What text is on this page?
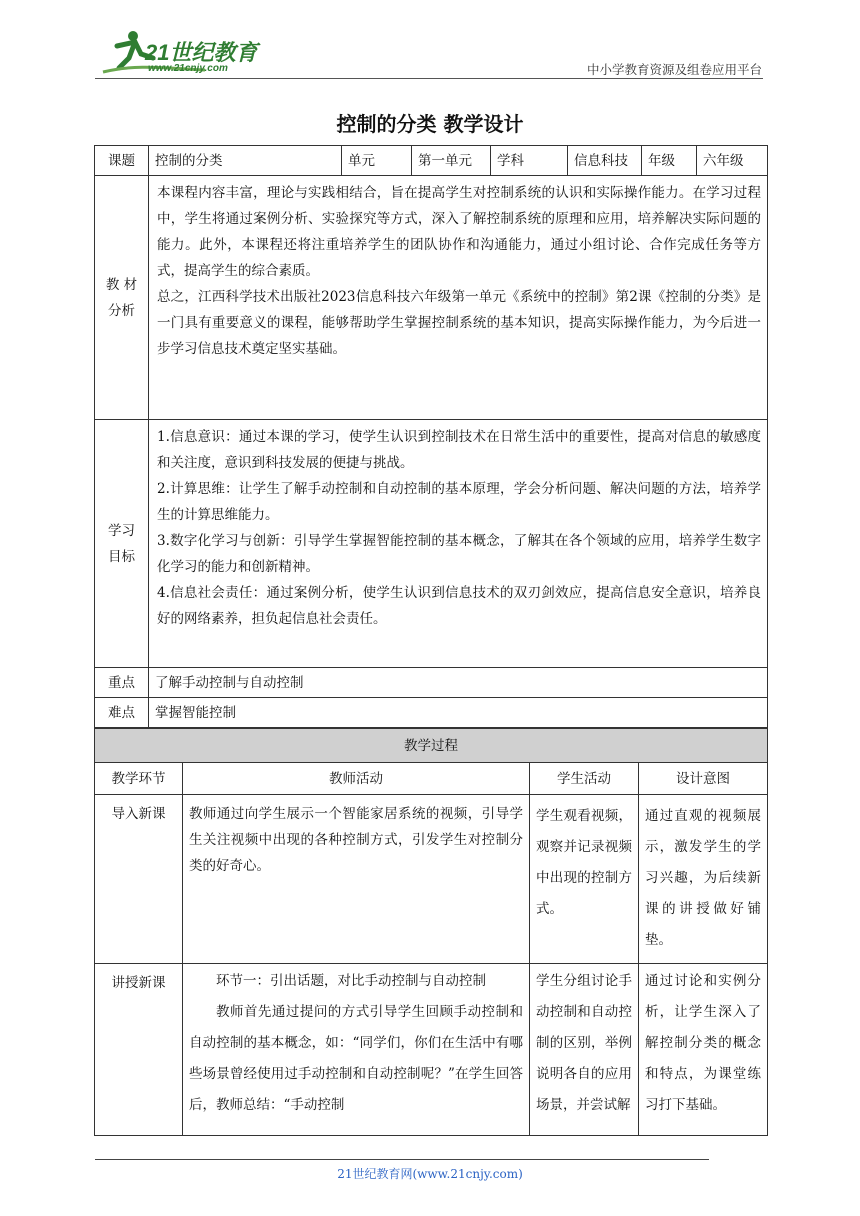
21世纪教育
www.21cnjy.com	中小学教育资源及组卷应用平台
控制的分类 教学设计
课题	控制的分类	单元	第一单元	学科	信息科技	年级	六年级
教 材 分析	本课程内容丰富，理论与实践相结合，旨在提高学生对控制系统的认识和实际操作能力。在学习过程中，学生将通过案例分析、实验探究等方式，深入了解控制系统的原理和应用，培养解决实际问题的能力。此外，本课程还将注重培养学生的团队协作和沟通能力，通过小组讨论、合作完成任务等方式，提高学生的综合素质。

总之，江西科学技术出版社2023信息科技六年级第一单元《系统中的控制》第2课《控制的分类》是一门具有重要意义的课程，能够帮助学生掌握控制系统的基本知识，提高实际操作能力，为今后进一步学习信息技术奠定坚实基础。						

学习 目标	1.信息意识：通过本课的学习，使学生认识到控制技术在日常生活中的重要性，提高对信息的敏感度和关注度，意识到科技发展的便捷与挑战。

2.计算思维：让学生了解手动控制和自动控制的基本原理，学会分析问题、解决问题的方法，培养学生的计算思维能力。

3.数字化学习与创新：引导学生掌握智能控制的基本概念，了解其在各个领域的应用，培养学生数字化学习的能力和创新精神。

4.信息社会责任：通过案例分析，使学生认识到信息技术的双刃剑效应，提高信息安全意识，培养良好的网络素养，担负起信息社会责任。						

重点	了解手动控制与自动控制						
难点	掌握智能控制						
教学过程			
教学环节	教师活动	学生活动	设计意图
导入新课	教师通过向学生展示一个智能家居系统的视频，引导学生关注视频中出现的各种控制方式，引发学生对控制分类的好奇心。	学生观看视频，观察并记录视频中出现的控制方式。	通过直观的视频展示，激发学生的学习兴趣，为后续新课的讲授做好铺垫。
讲授新课	环节一：引出话题，对比手动控制与自动控制

教师首先通过提问的方式引导学生回顾手动控制和自动控制的基本概念，如：“同学们，你们在生活中有哪些场景曾经使用过手动控制和自动控制呢？”在学生回答后，教师总结：“手动控制	学生分组讨论手动控制和自动控制的区别，举例说明各自的应用场景，并尝试解	通过讨论和实例分析，让学生深入了解控制分类的概念和特点，为课堂练习打下基础。
21世纪教育网(www.21cnjy.com)
